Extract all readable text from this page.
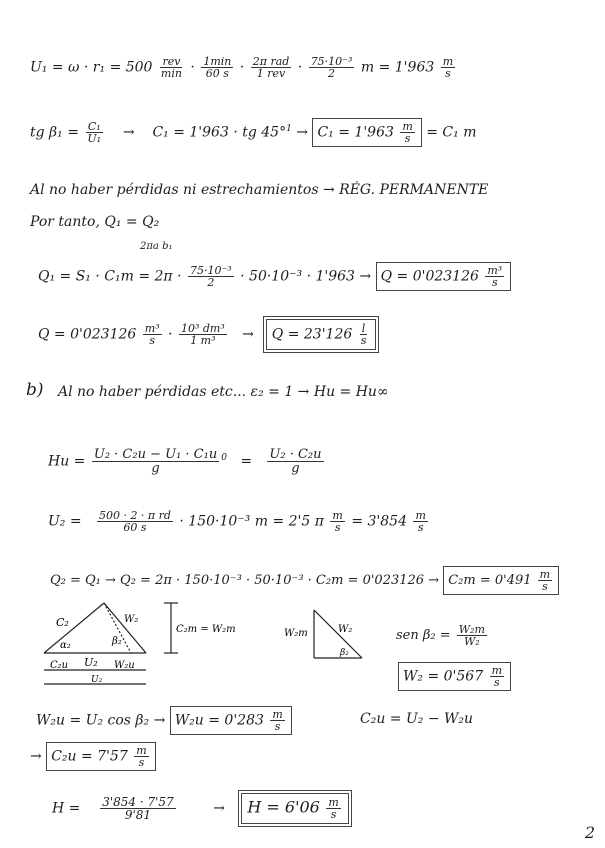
$U_1 = \omega \cdot r_1 = 500 \frac{\text{rev}}{\min} \cdot \frac{1\min}{60 s} \cdot \frac{\text{2π rad}}{\text{1 rev}} \cdot \frac{\text{75·10⁻³}}{2}$ $m = 1'963 \frac{m}{s}$
tg $\beta_1 = \frac{\text{C₁}}{\text{U₁}} \to C_1 = 1'963$ · tg $45^\circ^1 \to C_1 = 1'963 \frac{m}{s} = C_1$ m
Al no haber pérdidas ni estrechamientos → RÉG. PERMANENTE
Por tanto, Q₁ = Q₂
2πa b₁
$Q_1 = S_1 \cdot C_1m = 2\pi \cdot \frac{\text{75·10⁻³}}{2} \cdot 50\cdot 10^{-3} \cdot 1'963 \to Q = 0'023126 \frac{\text{m³}}{s}$
$Q = 0'023126 \frac{\text{m³}}{s} \cdot \frac{\text{10³ dm³}}{\text{1 m³}} \to Q = 23'126 \frac{l}{s}$
b) Al no haber pérdidas etc... ε₂ = 1 → Hu = Hu∞
$Hu = \frac{\text{U₂ · C₂u − U₁ · C₁u}}{g} ^0 = \frac{\text{U₂ · C₂u}}{g}$
$U_2 = \frac{\text{500 · 2 · π rd}}{60 s} \cdot 150\cdot 10^{-3}$ m = 2'5 π $\frac{m}{s} = 3'854 \frac{m}{s}$
$Q_2 = Q_1 \to Q_2 = 2\pi \cdot 150\cdot 10^{-3} \cdot 50\cdot 10^{-3} \cdot C_2m = 0'023126 \to C_2m = 0'491 \frac{m}{s}$
C₂	W₂
α₂	β₂
C₂m = W₂m
C₂u U₂ W₂u
U₂
W₂m	W₂
β₂
sen $\beta_2 = \frac{\text{W₂m}}{\text{W₂}}$
$W_2 = 0'567 \frac{m}{s}$
W₂u = U₂ $\cos \beta_2 \to W_2u = 0'283 \frac{m}{s}$	C₂u = U₂ − W₂u
→ $C_2u = 7'57 \frac{m}{s}$
$H = \frac{3'854 \cdot 7'57}{9'81}$	→ $H = 6'06 \frac{m}{s}$
2
